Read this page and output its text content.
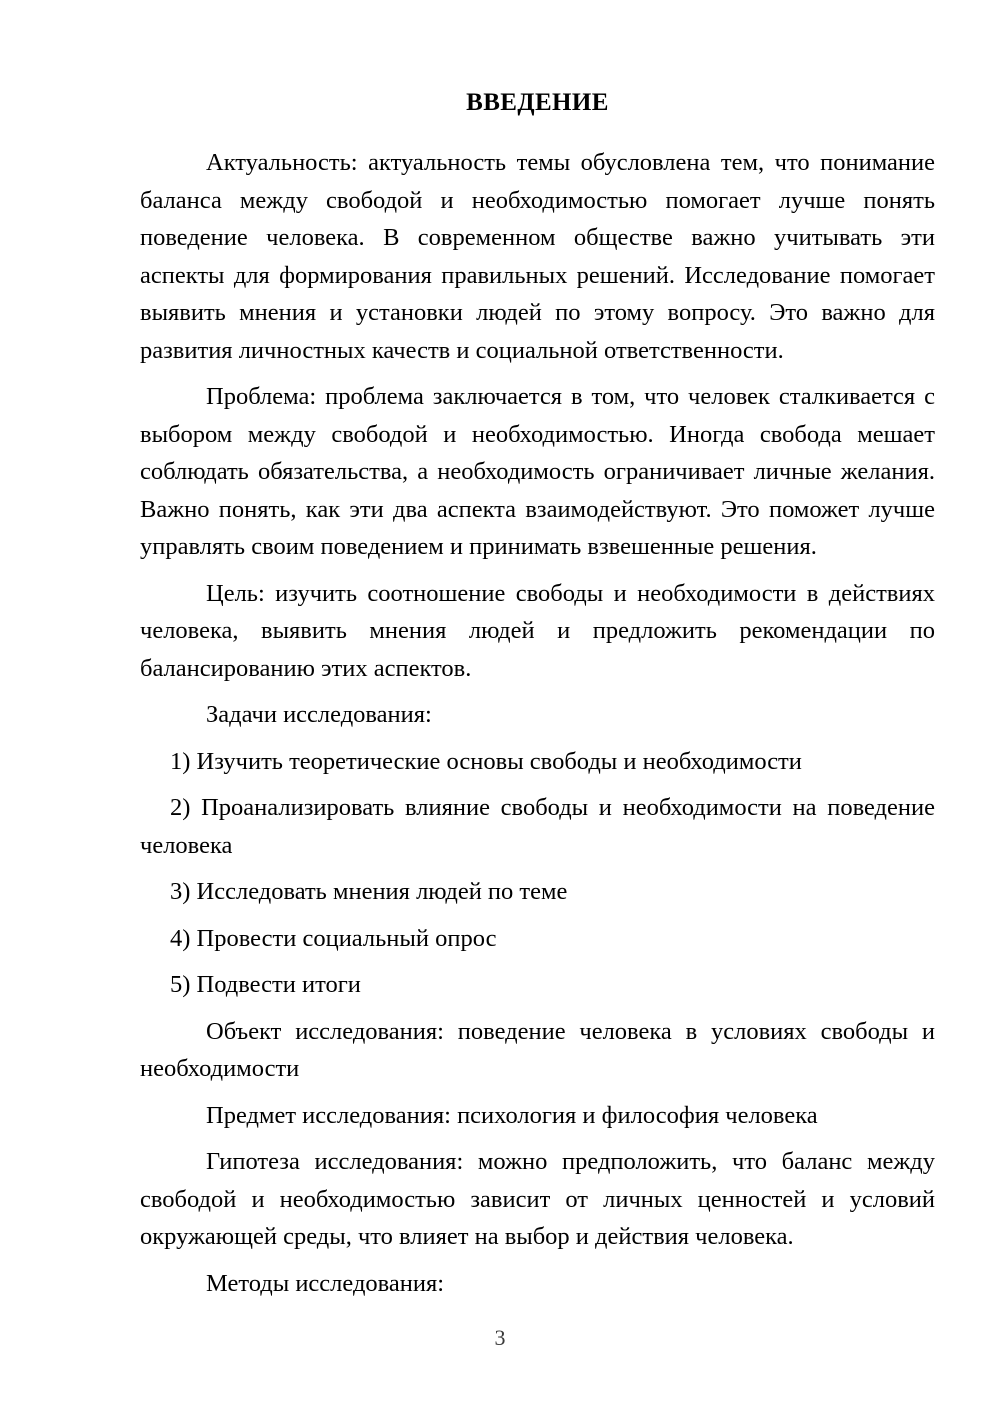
ВВЕДЕНИЕ

Актуальность: актуальность темы обусловлена тем, что понимание баланса между свободой и необходимостью помогает лучше понять поведение человека. В современном обществе важно учитывать эти аспекты для формирования правильных решений. Исследование помогает выявить мнения и установки людей по этому вопросу. Это важно для развития личностных качеств и социальной ответственности.

Проблема: проблема заключается в том, что человек сталкивается с выбором между свободой и необходимостью. Иногда свобода мешает соблюдать обязательства, а необходимость ограничивает личные желания. Важно понять, как эти два аспекта взаимодействуют. Это поможет лучше управлять своим поведением и принимать взвешенные решения.

Цель: изучить соотношение свободы и необходимости в действиях человека, выявить мнения людей и предложить рекомендации по балансированию этих аспектов.

Задачи исследования:

1) Изучить теоретические основы свободы и необходимости
2) Проанализировать влияние свободы и необходимости на поведение человека
3) Исследовать мнения людей по теме
4) Провести социальный опрос
5) Подвести итоги

Объект исследования: поведение человека в условиях свободы и необходимости

Предмет исследования: психология и философия человека

Гипотеза исследования: можно предположить, что баланс между свободой и необходимостью зависит от личных ценностей и условий окружающей среды, что влияет на выбор и действия человека.

Методы исследования:

3
